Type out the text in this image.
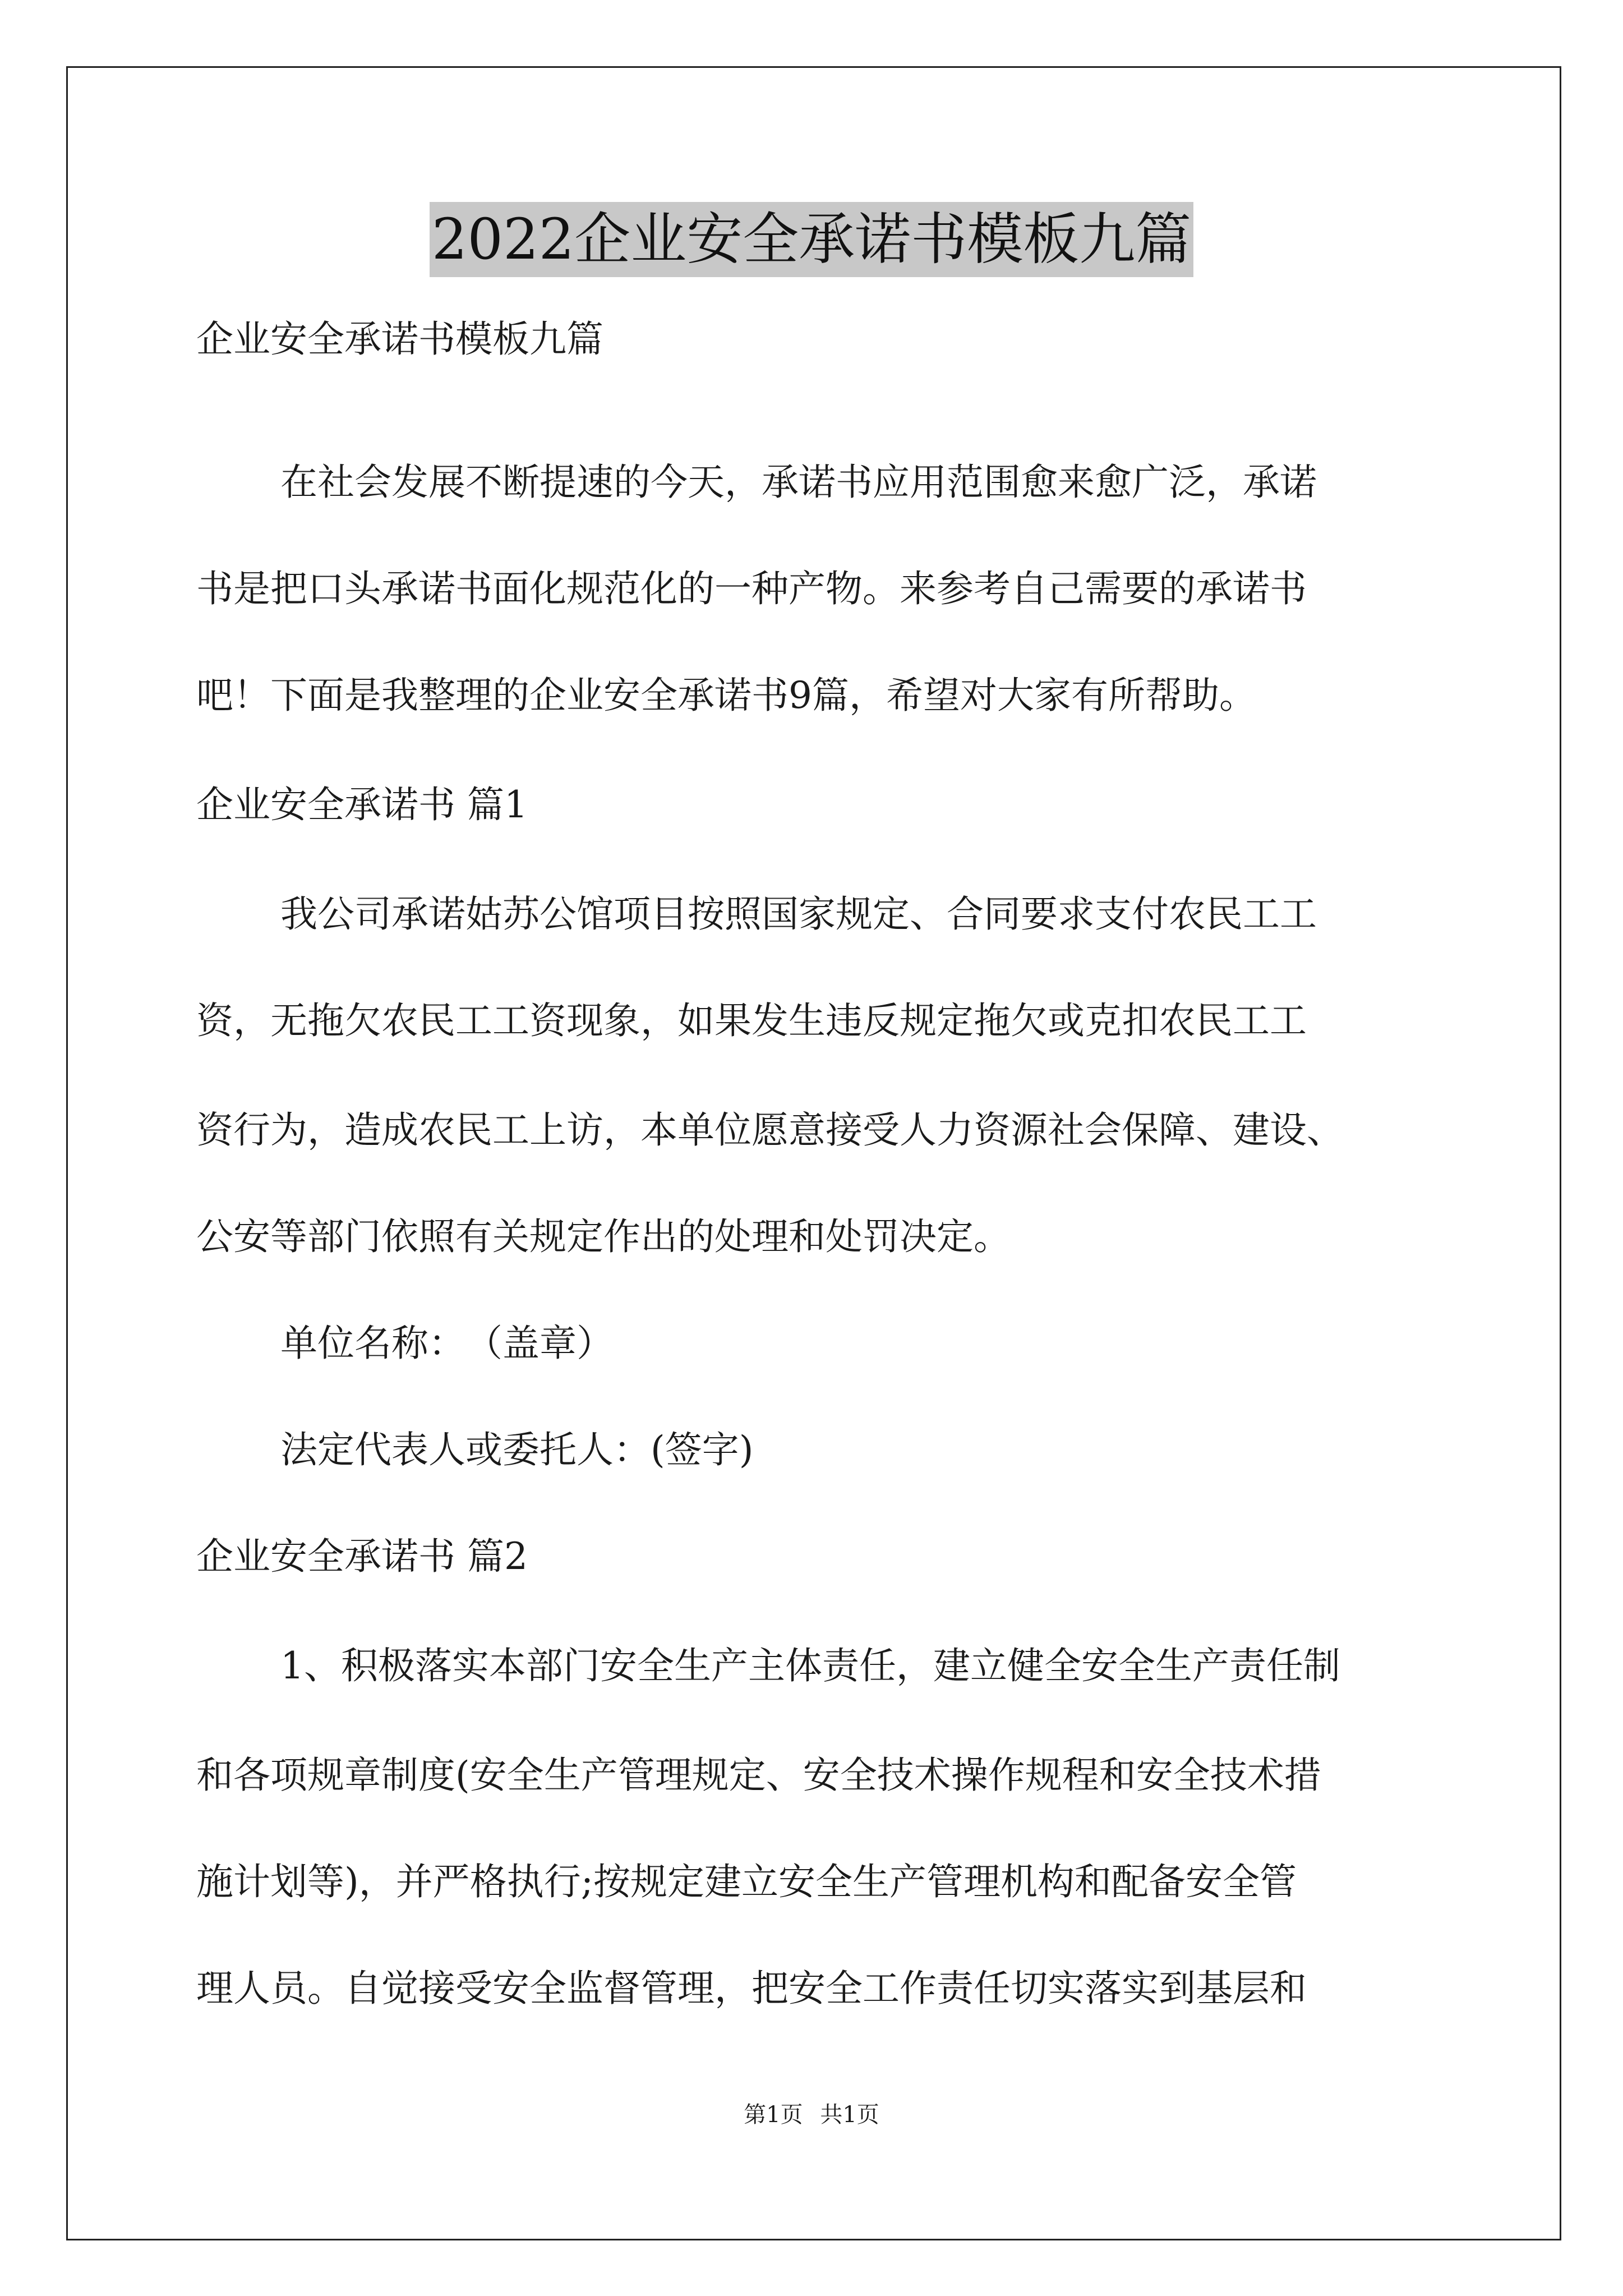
2022企业安全承诺书模板九篇
企业安全承诺书模板九篇
在社会发展不断提速的今天，承诺书应用范围愈来愈广泛，承诺
书是把口头承诺书面化规范化的一种产物。来参考自己需要的承诺书
吧！下面是我整理的企业安全承诺书9篇，希望对大家有所帮助。
企业安全承诺书 篇1
我公司承诺姑苏公馆项目按照国家规定、合同要求支付农民工工
资，无拖欠农民工工资现象，如果发生违反规定拖欠或克扣农民工工
资行为，造成农民工上访，本单位愿意接受人力资源社会保障、建设、
公安等部门依照有关规定作出的处理和处罚决定。
单位名称：　（盖章）
法定代表人或委托人：(签字)
企业安全承诺书 篇2
1、积极落实本部门安全生产主体责任，建立健全安全生产责任制
和各项规章制度(安全生产管理规定、安全技术操作规程和安全技术措
施计划等)，并严格执行;按规定建立安全生产管理机构和配备安全管
理人员。自觉接受安全监督管理，把安全工作责任切实落实到基层和
第1页 共1页
